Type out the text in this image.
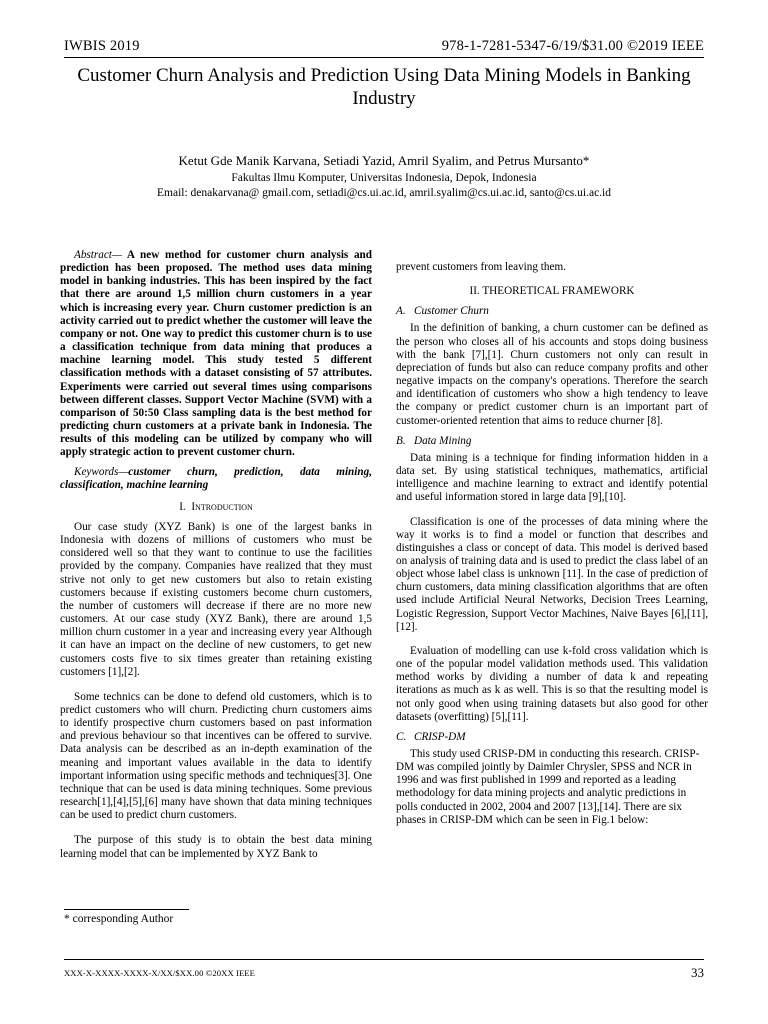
IWBIS 2019	978-1-7281-5347-6/19/$31.00 ©2019 IEEE
Customer Churn Analysis and Prediction Using Data Mining Models in Banking Industry
Ketut Gde Manik Karvana, Setiadi Yazid, Amril Syalim, and Petrus Mursanto*
Fakultas Ilmu Komputer, Universitas Indonesia, Depok, Indonesia
Email: denakarvana@ gmail.com, setiadi@cs.ui.ac.id, amril.syalim@cs.ui.ac.id, santo@cs.ui.ac.id

Abstract— A new method for customer churn analysis and prediction has been proposed. The method uses data mining model in banking industries. This has been inspired by the fact that there are around 1,5 million churn customers in a year which is increasing every year. Churn customer prediction is an activity carried out to predict whether the customer will leave the company or not. One way to predict this customer churn is to use a classification technique from data mining that produces a machine learning model. This study tested 5 different classification methods with a dataset consisting of 57 attributes. Experiments were carried out several times using comparisons between different classes. Support Vector Machine (SVM) with a comparison of 50:50 Class sampling data is the best method for predicting churn customers at a private bank in Indonesia. The results of this modeling can be utilized by company who will apply strategic action to prevent customer churn.

Keywords—customer churn, prediction, data mining, classification, machine learning

I. Introduction

Our case study (XYZ Bank) is one of the largest banks in Indonesia with dozens of millions of customers who must be considered well so that they want to continue to use the facilities provided by the company. Companies have realized that they must strive not only to get new customers but also to retain existing customers because if existing customers become churn customers, the number of customers will decrease if there are no more new customers. At our case study (XYZ Bank), there are around 1,5 million churn customer in a year and increasing every year Although it can have an impact on the decline of new customers, to get new customers costs five to six times greater than retaining existing customers [1],[2].

Some technics can be done to defend old customers, which is to predict customers who will churn. Predicting churn customers aims to identify prospective churn customers based on past information and previous behaviour so that incentives can be offered to survive. Data analysis can be described as an in-depth examination of the meaning and important values available in the data to identify important information using specific methods and techniques[3]. One technique that can be used is data mining techniques. Some previous research[1],[4],[5],[6] many have shown that data mining techniques can be used to predict churn customers.

The purpose of this study is to obtain the best data mining learning model that can be implemented by XYZ Bank to

prevent customers from leaving them.

II. THEORETICAL FRAMEWORK
A. Customer Churn

In the definition of banking, a churn customer can be defined as the person who closes all of his accounts and stops doing business with the bank [7],[1]. Churn customers not only can result in depreciation of funds but also can reduce company profits and other negative impacts on the company's operations. Therefore the search and identification of customers who show a high tendency to leave the company or predict customer churn is an important part of customer-oriented retention that aims to reduce churner [8].

B. Data Mining

Data mining is a technique for finding information hidden in a data set. By using statistical techniques, mathematics, artificial intelligence and machine learning to extract and identify potential and useful information stored in large data [9],[10].

Classification is one of the processes of data mining where the way it works is to find a model or function that describes and distinguishes a class or concept of data. This model is derived based on analysis of training data and is used to predict the class label of an object whose label class is unknown [11]. In the case of prediction of churn customers, data mining classification algorithms that are often used include Artificial Neural Networks, Decision Trees Learning, Logistic Regression, Support Vector Machines, Naive Bayes [6],[11],[12].

Evaluation of modelling can use k-fold cross validation which is one of the popular model validation methods used. This validation method works by dividing a number of data k and repeating iterations as much as k as well. This is so that the resulting model is not only good when using training datasets but also good for other datasets (overfitting) [5],[11].

C. CRISP-DM

This study used CRISP-DM in conducting this research. CRISP-DM was compiled jointly by Daimler Chrysler, SPSS and NCR in 1996 and was first published in 1999 and reported as a leading methodology for data mining projects and analytic predictions in polls conducted in 2002, 2004 and 2007 [13],[14]. There are six phases in CRISP-DM which can be seen in Fig.1 below:

* corresponding Author
XXX-X-XXXX-XXXX-X/XX/$XX.00 ©20XX IEEE	33
